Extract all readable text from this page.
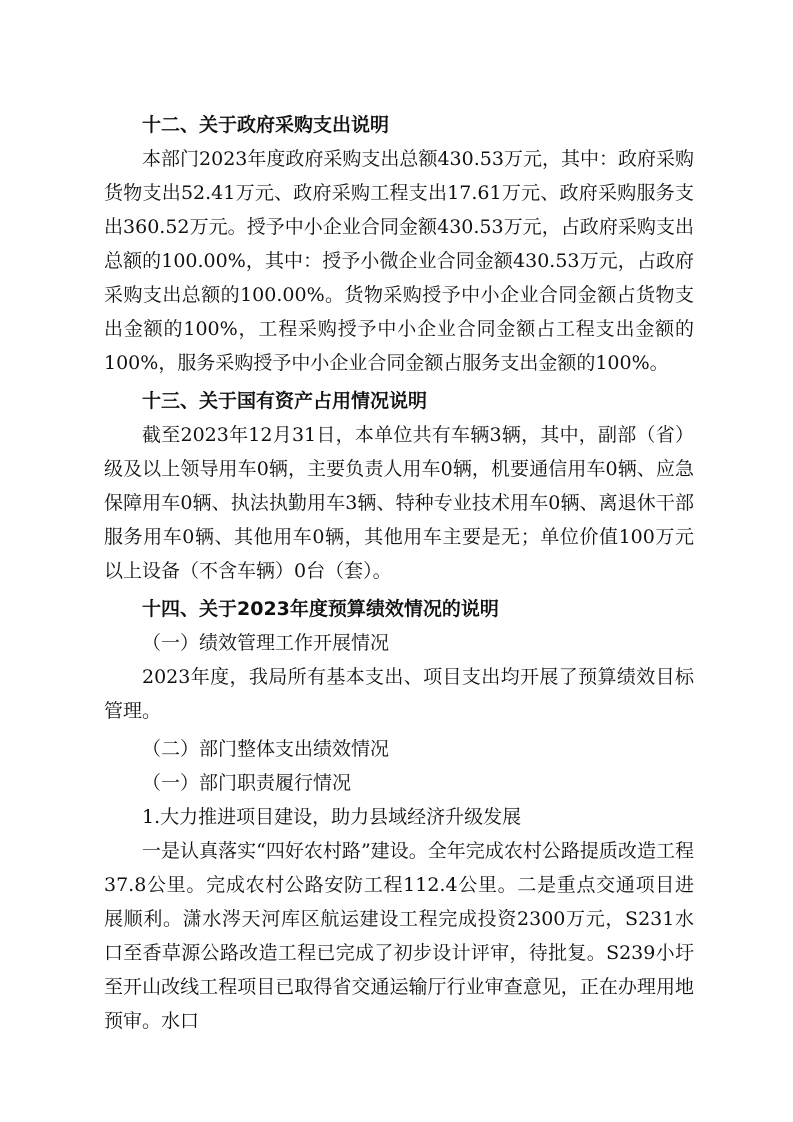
十二、关于政府采购支出说明

本部门2023年度政府采购支出总额430.53万元，其中：政府采购货物支出52.41万元、政府采购工程支出17.61万元、政府采购服务支出360.52万元。授予中小企业合同金额430.53万元，占政府采购支出总额的100.00%，其中：授予小微企业合同金额430.53万元，占政府采购支出总额的100.00%。货物采购授予中小企业合同金额占货物支出金额的100%，工程采购授予中小企业合同金额占工程支出金额的100%，服务采购授予中小企业合同金额占服务支出金额的100%。

十三、关于国有资产占用情况说明

截至2023年12月31日，本单位共有车辆3辆，其中，副部（省）级及以上领导用车0辆，主要负责人用车0辆，机要通信用车0辆、应急保障用车0辆、执法执勤用车3辆、特种专业技术用车0辆、离退休干部服务用车0辆、其他用车0辆，其他用车主要是无；单位价值100万元以上设备（不含车辆）0台（套）。

十四、关于2023年度预算绩效情况的说明

（一）绩效管理工作开展情况

2023年度，我局所有基本支出、项目支出均开展了预算绩效目标管理。

（二）部门整体支出绩效情况

（一）部门职责履行情况

1.大力推进项目建设，助力县域经济升级发展

一是认真落实“四好农村路”建设。全年完成农村公路提质改造工程37.8公里。完成农村公路安防工程112.4公里。二是重点交通项目进展顺利。潇水涔天河库区航运建设工程完成投资2300万元，S231水口至香草源公路改造工程已完成了初步设计评审，待批复。S239小圩至开山改线工程项目已取得省交通运输厅行业审查意见，正在办理用地预审。水口
